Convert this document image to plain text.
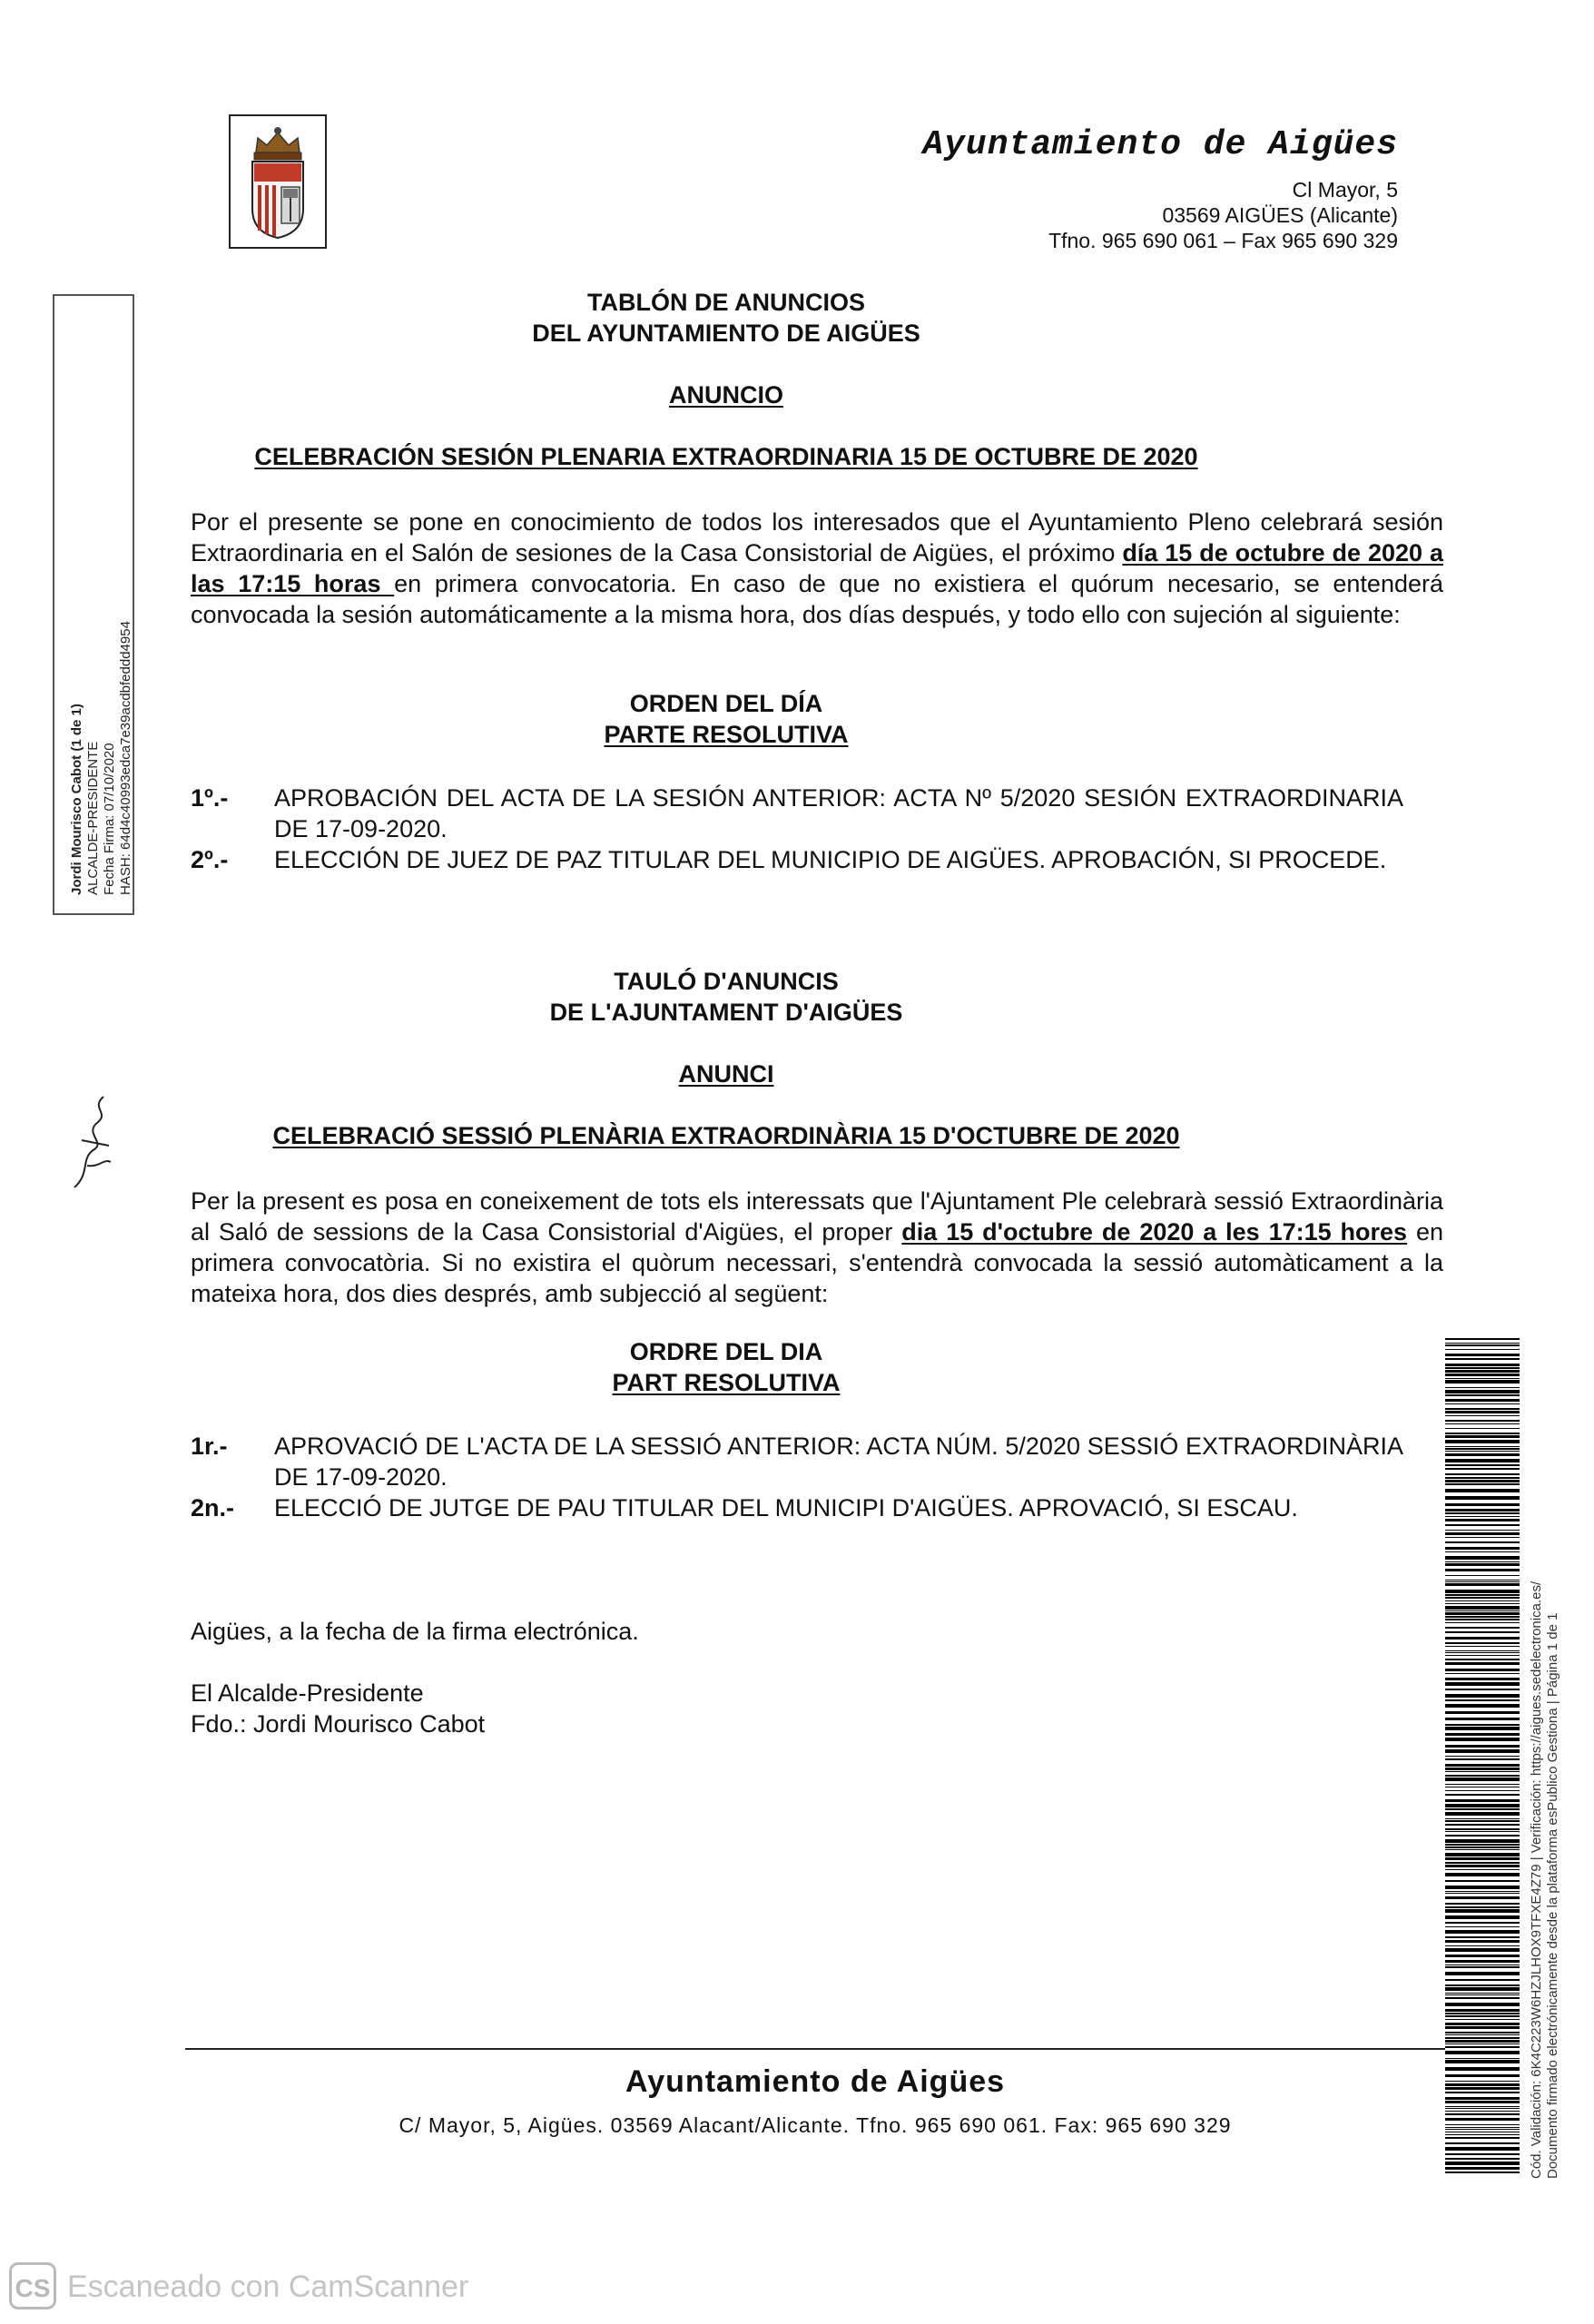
Ayuntamiento de Aigües
Cl Mayor, 5
03569 AIGÜES (Alicante)
Tfno. 965 690 061 – Fax 965 690 329
Jordi Mourisco Cabot (1 de 1) ALCALDE-PRESIDENTE Fecha Firma: 07/10/2020 HASH: 64d4c40993edca7e39acdbfeddd4954
TABLÓN DE ANUNCIOS
DEL AYUNTAMIENTO DE AIGÜES
ANUNCIO
CELEBRACIÓN SESIÓN PLENARIA EXTRAORDINARIA 15 DE OCTUBRE DE 2020
Por el presente se pone en conocimiento de todos los interesados que el Ayuntamiento Pleno celebrará sesión Extraordinaria en el Salón de sesiones de la Casa Consistorial de Aigües, el próximo día 15 de octubre de 2020 a las 17:15 horas en primera convocatoria. En caso de que no existiera el quórum necesario, se entenderá convocada la sesión automáticamente a la misma hora, dos días después, y todo ello con sujeción al siguiente:
ORDEN DEL DÍA
PARTE RESOLUTIVA
1º.- APROBACIÓN DEL ACTA DE LA SESIÓN ANTERIOR: ACTA Nº 5/2020 SESIÓN EXTRAORDINARIA DE 17-09-2020.
2º.- ELECCIÓN DE JUEZ DE PAZ TITULAR DEL MUNICIPIO DE AIGÜES. APROBACIÓN, SI PROCEDE.
TAULÓ D'ANUNCIS
DE L'AJUNTAMENT D'AIGÜES
ANUNCI
CELEBRACIÓ SESSIÓ PLENÀRIA EXTRAORDINÀRIA 15 D'OCTUBRE DE 2020
Per la present es posa en coneixement de tots els interessats que l'Ajuntament Ple celebrarà sessió Extraordinària al Saló de sessions de la Casa Consistorial d'Aigües, el proper dia 15 d'octubre de 2020 a les 17:15 hores en primera convocatòria. Si no existira el quòrum necessari, s'entendrà convocada la sessió automàticament a la mateixa hora, dos dies després, amb subjecció al següent:
ORDRE DEL DIA
PART RESOLUTIVA
1r.- APROVACIÓ DE L'ACTA DE LA SESSIÓ ANTERIOR: ACTA NÚM. 5/2020 SESSIÓ EXTRAORDINÀRIA DE 17-09-2020.
2n.- ELECCIÓ DE JUTGE DE PAU TITULAR DEL MUNICIPI D'AIGÜES. APROVACIÓ, SI ESCAU.
Aigües, a la fecha de la firma electrónica.
El Alcalde-Presidente
Fdo.: Jordi Mourisco Cabot
Ayuntamiento de Aigües
C/ Mayor, 5, Aigües. 03569 Alacant/Alicante. Tfno. 965 690 061. Fax: 965 690 329	Cód. Validación: 6K4C223W6HZJLHOX9TFXE4Z79 | Verificación: https://aigues.sedelectronica.es/ Documento firmado electrónicamente desde la plataforma esPublico Gestiona | Página 1 de 1
CS Escaneado con CamScanner
